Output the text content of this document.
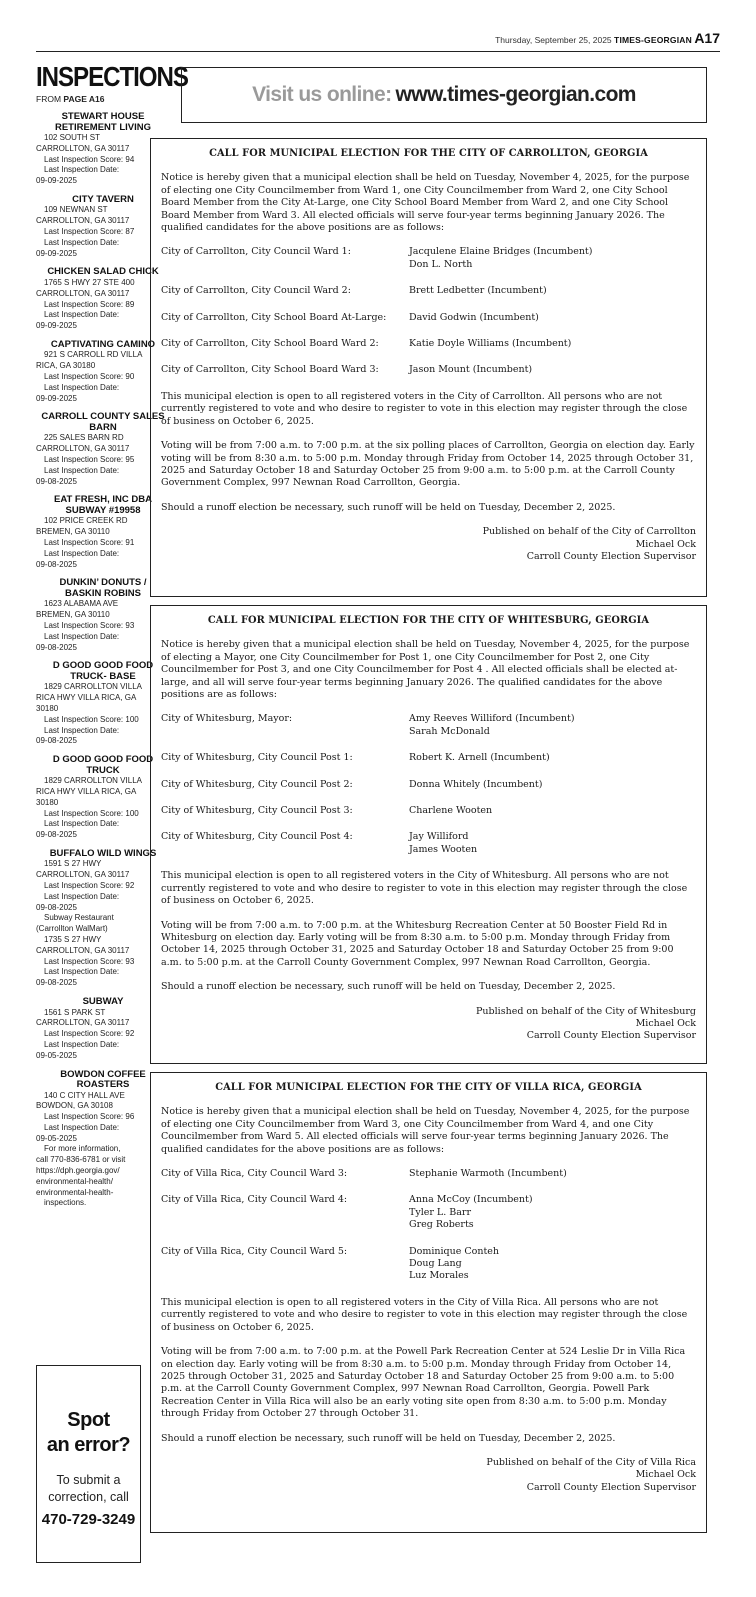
Thursday, September 25, 2025 TIMES-GEORGIAN A17
INSPECTIONS
FROM PAGE A16
STEWART HOUSE RETIREMENT LIVING
102 SOUTH ST
CARROLLTON, GA 30117
Last Inspection Score: 94
Last Inspection Date:
09-09-2025
CITY TAVERN
109 NEWNAN ST
CARROLLTON, GA 30117
Last Inspection Score: 87
Last Inspection Date:
09-09-2025
CHICKEN SALAD CHICK
1765 S HWY 27 STE 400
CARROLLTON, GA 30117
Last Inspection Score: 89
Last Inspection Date:
09-09-2025
CAPTIVATING CAMINO
921 S CARROLL RD VILLA
RICA, GA 30180
Last Inspection Score: 90
Last Inspection Date:
09-09-2025
CARROLL COUNTY SALES BARN
225 SALES BARN RD
CARROLLTON, GA 30117
Last Inspection Score: 95
Last Inspection Date:
09-08-2025
EAT FRESH, INC DBA SUBWAY #19958
102 PRICE CREEK RD
BREMEN, GA 30110
Last Inspection Score: 91
Last Inspection Date:
09-08-2025
DUNKIN’ DONUTS / BASKIN ROBINS
1623 ALABAMA AVE
BREMEN, GA 30110
Last Inspection Score: 93
Last Inspection Date:
09-08-2025
D GOOD GOOD FOOD TRUCK- BASE
1829 CARROLLTON VILLA
RICA HWY VILLA RICA, GA
30180
Last Inspection Score: 100
Last Inspection Date:
09-08-2025
D GOOD GOOD FOOD TRUCK
1829 CARROLLTON VILLA
RICA HWY VILLA RICA, GA
30180
Last Inspection Score: 100
Last Inspection Date:
09-08-2025
BUFFALO WILD WINGS
1591 S 27 HWY
CARROLLTON, GA 30117
Last Inspection Score: 92
Last Inspection Date:
09-08-2025
Subway Restaurant
(Carrollton WalMart)
1735 S 27 HWY
CARROLLTON, GA 30117
Last Inspection Score: 93
Last Inspection Date:
09-08-2025
SUBWAY
1561 S PARK ST
CARROLLTON, GA 30117
Last Inspection Score: 92
Last Inspection Date:
09-05-2025
BOWDON COFFEE ROASTERS
140 C CITY HALL AVE
BOWDON, GA 30108
Last Inspection Score: 96
Last Inspection Date:
09-05-2025
For more information,
call 770-836-6781 or visit
https://dph.georgia.gov/
environmental-health/
environmental-health-
inspections.
Spot
an error?
To submit a
correction, call
470-729-3249
Visit us online: www.times-georgian.com
CALL FOR MUNICIPAL ELECTION FOR THE CITY OF CARROLLTON, GEORGIA

Notice is hereby given that a municipal election shall be held on Tuesday, November 4, 2025, for the purpose of electing one City Councilmember from Ward 1, one City Councilmember from Ward 2, one City School Board Member from the City At-Large, one City School Board Member from Ward 2, and one City School Board Member from Ward 3. All elected officials will serve four-year terms beginning January 2026. The qualified candidates for the above positions are as follows:

City of Carrollton, City Council Ward 1:	Jacqulene Elaine Bridges (Incumbent)
Don L. North
City of Carrollton, City Council Ward 2:	Brett Ledbetter (Incumbent)
City of Carrollton, City School Board At-Large:	David Godwin (Incumbent)
City of Carrollton, City School Board Ward 2:	Katie Doyle Williams (Incumbent)
City of Carrollton, City School Board Ward 3:	Jason Mount (Incumbent)

This municipal election is open to all registered voters in the City of Carrollton. All persons who are not currently registered to vote and who desire to register to vote in this election may register through the close of business on October 6, 2025.

Voting will be from 7:00 a.m. to 7:00 p.m. at the six polling places of Carrollton, Georgia on election day. Early voting will be from 8:30 a.m. to 5:00 p.m. Monday through Friday from October 14, 2025 through October 31, 2025 and Saturday October 18 and Saturday October 25 from 9:00 a.m. to 5:00 p.m. at the Carroll County Government Complex, 997 Newnan Road Carrollton, Georgia.

Should a runoff election be necessary, such runoff will be held on Tuesday, December 2, 2025.

Published on behalf of the City of Carrollton
Michael Ock
Carroll County Election Supervisor
CALL FOR MUNICIPAL ELECTION FOR THE CITY OF WHITESBURG, GEORGIA

Notice is hereby given that a municipal election shall be held on Tuesday, November 4, 2025, for the purpose of electing a Mayor, one City Councilmember for Post 1, one City Councilmember for Post 2, one City Councilmember for Post 3, and one City Councilmember for Post 4 . All elected officials shall be elected at-large, and all will serve four-year terms beginning January 2026. The qualified candidates for the above positions are as follows:

City of Whitesburg, Mayor:	Amy Reeves Williford (Incumbent)
Sarah McDonald
City of Whitesburg, City Council Post 1:	Robert K. Arnell (Incumbent)
City of Whitesburg, City Council Post 2:	Donna Whitely (Incumbent)
City of Whitesburg, City Council Post 3:	Charlene Wooten
City of Whitesburg, City Council Post 4:	Jay Williford
James Wooten

This municipal election is open to all registered voters in the City of Whitesburg. All persons who are not currently registered to vote and who desire to register to vote in this election may register through the close of business on October 6, 2025.

Voting will be from 7:00 a.m. to 7:00 p.m. at the Whitesburg Recreation Center at 50 Booster Field Rd in Whitesburg on election day. Early voting will be from 8:30 a.m. to 5:00 p.m. Monday through Friday from October 14, 2025 through October 31, 2025 and Saturday October 18 and Saturday October 25 from 9:00 a.m. to 5:00 p.m. at the Carroll County Government Complex, 997 Newnan Road Carrollton, Georgia.

Should a runoff election be necessary, such runoff will be held on Tuesday, December 2, 2025.

Published on behalf of the City of Whitesburg
Michael Ock
Carroll County Election Supervisor
CALL FOR MUNICIPAL ELECTION FOR THE CITY OF VILLA RICA, GEORGIA

Notice is hereby given that a municipal election shall be held on Tuesday, November 4, 2025, for the purpose of electing one City Councilmember from Ward 3, one City Councilmember from Ward 4, and one City Councilmember from Ward 5. All elected officials will serve four-year terms beginning January 2026. The qualified candidates for the above positions are as follows:

City of Villa Rica, City Council Ward 3:	Stephanie Warmoth (Incumbent)
City of Villa Rica, City Council Ward 4:	Anna McCoy (Incumbent)
Tyler L. Barr
Greg Roberts
City of Villa Rica, City Council Ward 5:	Dominique Conteh
Doug Lang
Luz Morales

This municipal election is open to all registered voters in the City of Villa Rica. All persons who are not currently registered to vote and who desire to register to vote in this election may register through the close of business on October 6, 2025.

Voting will be from 7:00 a.m. to 7:00 p.m. at the Powell Park Recreation Center at 524 Leslie Dr in Villa Rica on election day. Early voting will be from 8:30 a.m. to 5:00 p.m. Monday through Friday from October 14, 2025 through October 31, 2025 and Saturday October 18 and Saturday October 25 from 9:00 a.m. to 5:00 p.m. at the Carroll County Government Complex, 997 Newnan Road Carrollton, Georgia. Powell Park Recreation Center in Villa Rica will also be an early voting site open from 8:30 a.m. to 5:00 p.m. Monday through Friday from October 27 through October 31.

Should a runoff election be necessary, such runoff will be held on Tuesday, December 2, 2025.

Published on behalf of the City of Villa Rica
Michael Ock
Carroll County Election Supervisor
